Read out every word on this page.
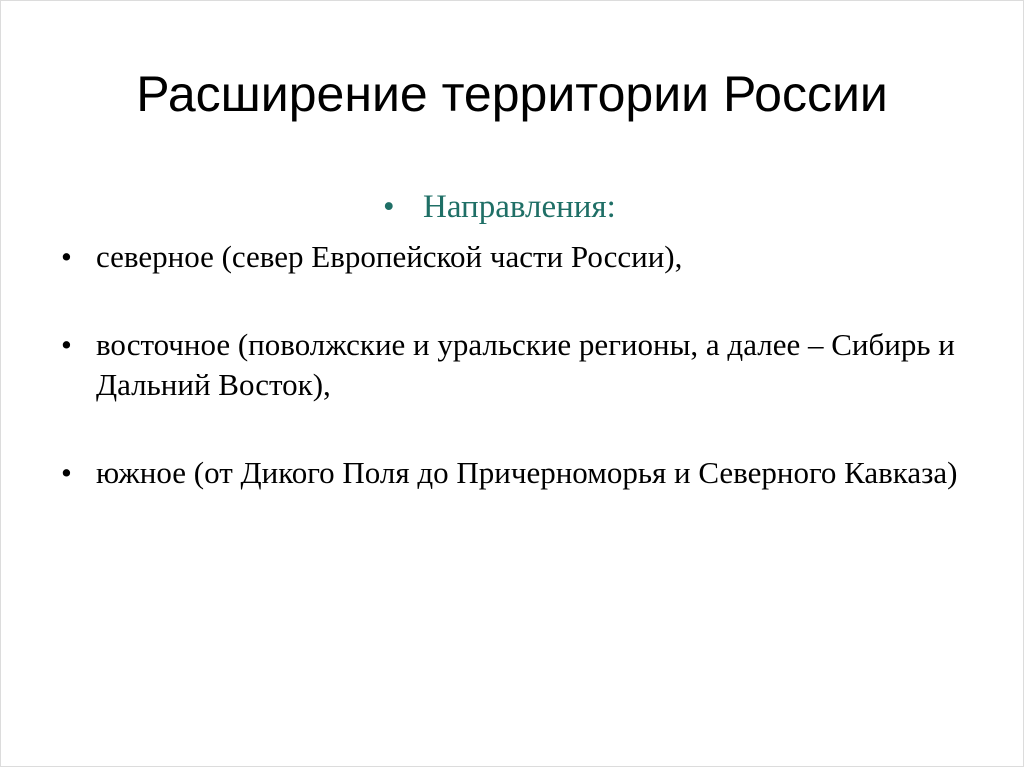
Расширение территории России
• Направления:
• северное (север Европейской части России),
• восточное (поволжские и уральские регионы, а далее – Сибирь и Дальний Восток),
• южное (от Дикого Поля до Причерноморья и Северного Кавказа)
